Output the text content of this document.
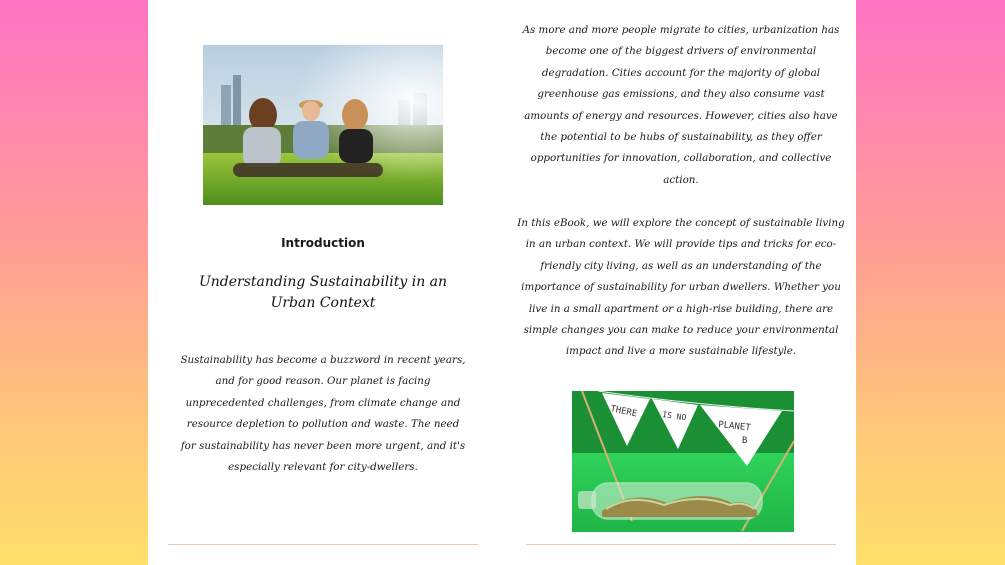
Introduction
Understanding Sustainability in an Urban Context

Sustainability has become a buzzword in recent years, and for good reason. Our planet is facing unprecedented challenges, from climate change and resource depletion to pollution and waste. The need for sustainability has never been more urgent, and it's especially relevant for city-dwellers.

As more and more people migrate to cities, urbanization has become one of the biggest drivers of environmental degradation. Cities account for the majority of global greenhouse gas emissions, and they also consume vast amounts of energy and resources. However, cities also have the potential to be hubs of sustainability, as they offer opportunities for innovation, collaboration, and collective action.

In this eBook, we will explore the concept of sustainable living in an urban context. We will provide tips and tricks for eco-friendly city living, as well as an understanding of the importance of sustainability for urban dwellers. Whether you live in a small apartment or a high-rise building, there are simple changes you can make to reduce your environmental impact and live a more sustainable lifestyle.

THERE	IS NO
PLANET
B
